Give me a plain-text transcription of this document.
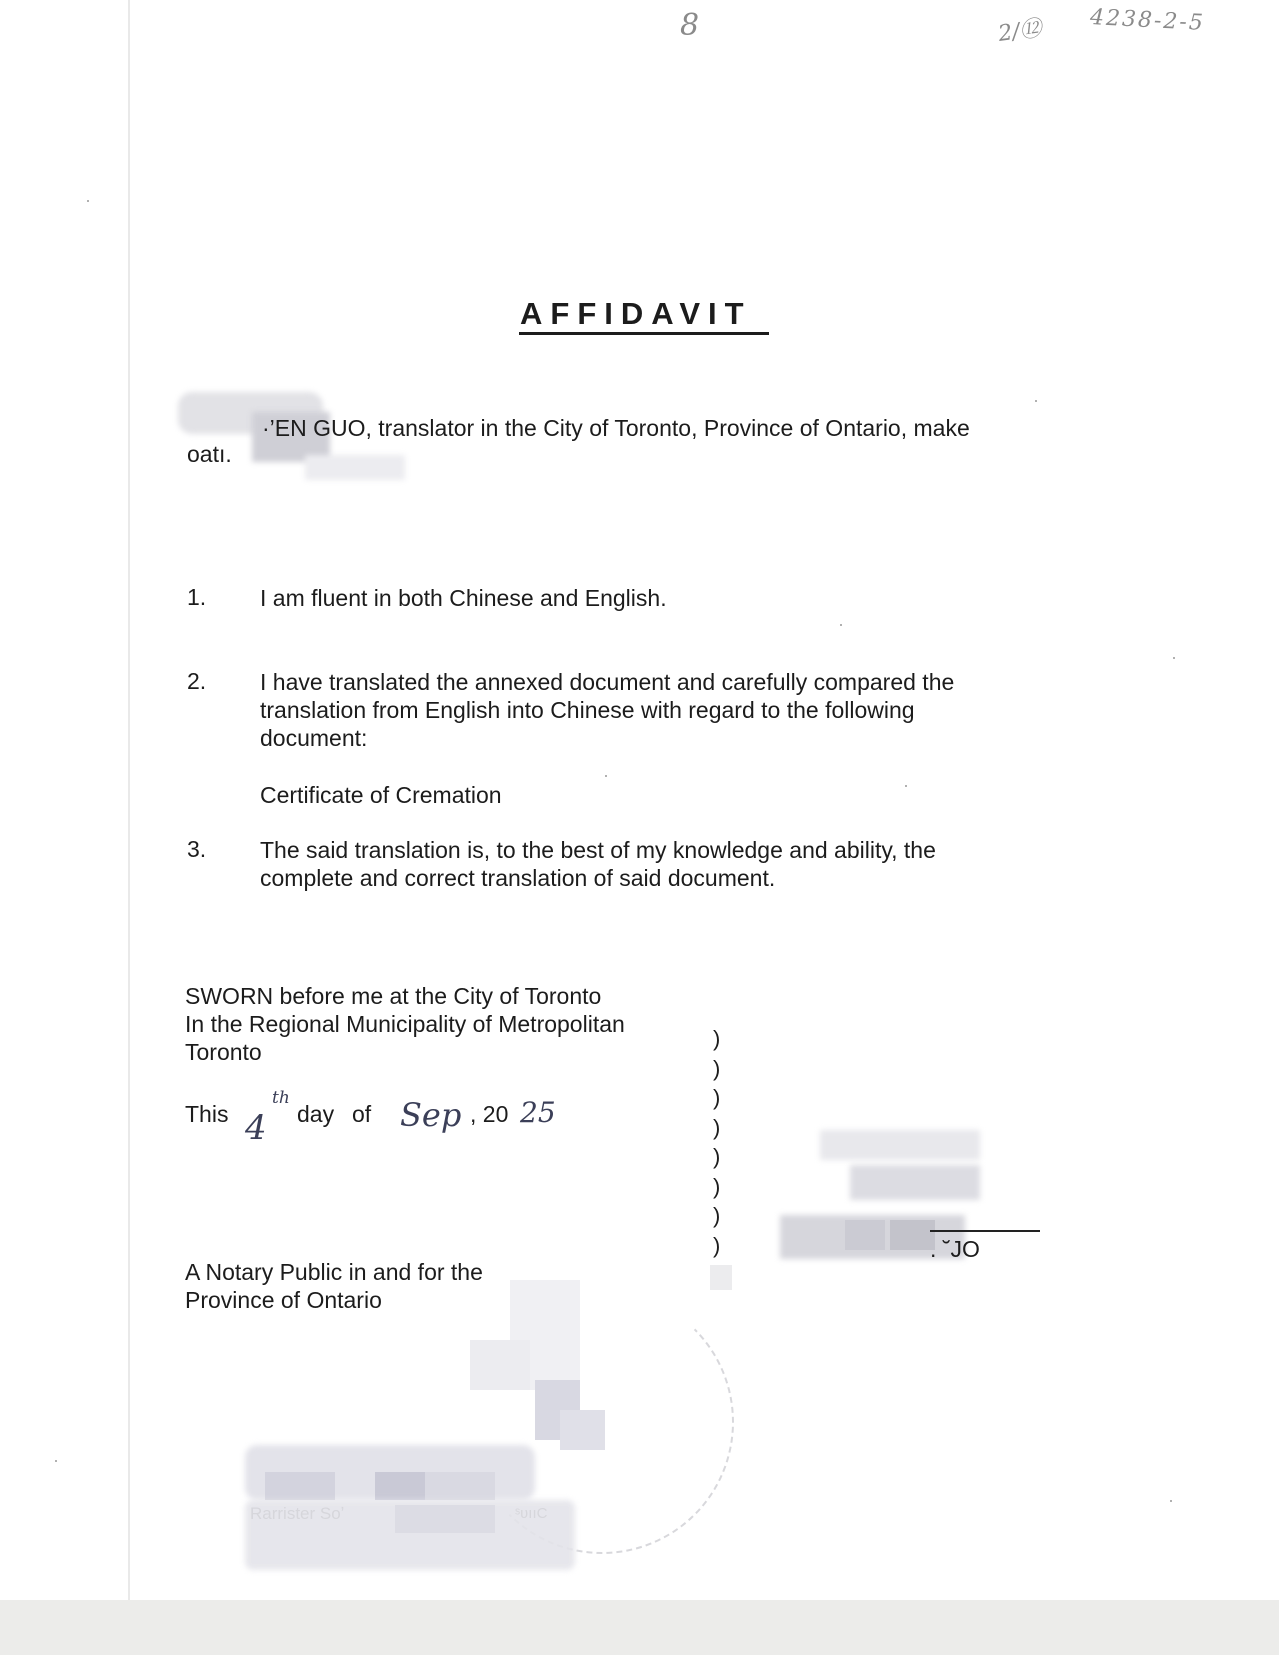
8	2/⑫ 4238-2-5
AFFIDAVIT

·’EN GUO, translator in the City of Toronto, Province of Ontario, make

oatı.

1. I am fluent in both Chinese and English.

2. I have translated the annexed document and carefully compared the

translation from English into Chinese with regard to the following

document:

Certificate of Cremation

3. The said translation is, to the best of my knowledge and ability, the

complete and correct translation of said document.

SWORN before me at the City of Toronto

In the Regional Municipality of Metropolitan

Toronto

This 4
th

day of Sep , 20 25
)
)
)
)
)
)
)
)	. ˘JO

A Notary Public in and for the

Province of Ontario
